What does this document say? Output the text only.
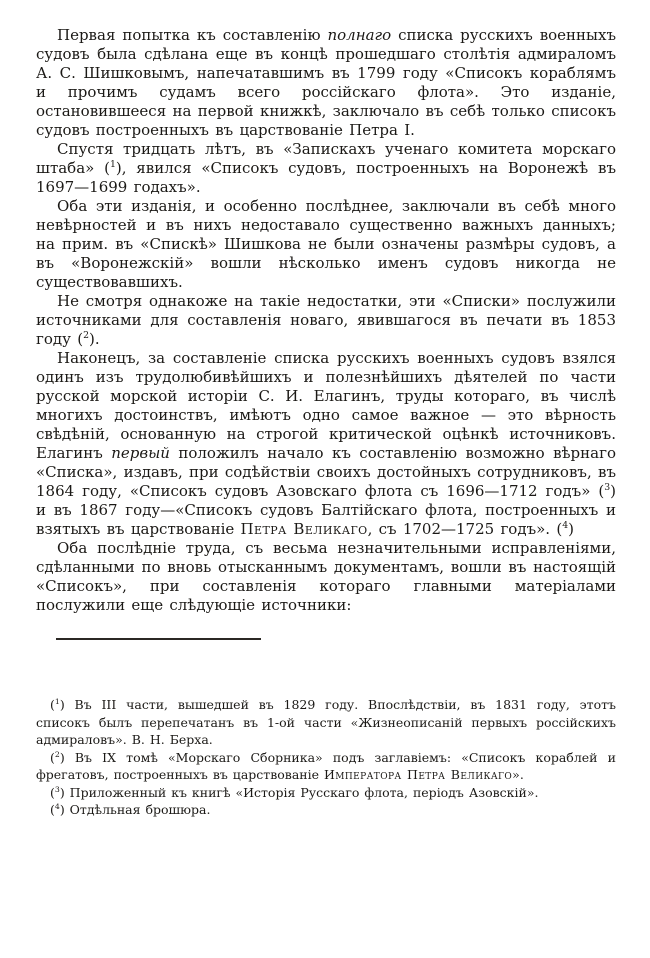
Первая попытка къ составленію полнаго списка русскихъ военныхъ судовъ была сдѣлана еще въ концѣ прошедшаго столѣтія адмираломъ А. С. Шишковымъ, напечатавшимъ въ 1799 году «Списокъ кораблямъ и прочимъ судамъ всего россійскаго флота». Это изданіе, остановившееся на первой книжкѣ, заключало въ себѣ только списокъ судовъ построенныхъ въ царствованіе Петра I.

Спустя тридцать лѣтъ, въ «Запискахъ ученаго комитета морскаго штаба» ($^1$), явился «Списокъ судовъ, построенныхъ на Воронежѣ въ 1697—1699 годахъ».

Оба эти изданія, и особенно послѣднее, заключали въ себѣ много невѣрностей и въ нихъ недоставало существенно важныхъ данныхъ; на прим. въ «Спискѣ» Шишкова не были означены размѣры судовъ, а въ «Воронежскій» вошли нѣсколько именъ судовъ никогда не существовавшихъ.

Не смотря однакоже на такіе недостатки, эти «Списки» послужили источниками для составленія новаго, явившагося въ печати въ 1853 году ($^2$).

Наконецъ, за составленіе списка русскихъ военныхъ судовъ взялся одинъ изъ трудолюбивѣйшихъ и полезнѣйшихъ дѣятелей по части русской морской исторіи С. И. Елагинъ, труды котораго, въ числѣ многихъ достоинствъ, имѣютъ одно самое важное — это вѣрность свѣдѣній, основанную на строгой критической оцѣнкѣ источниковъ. Елагинъ первый положилъ начало къ составленію возможно вѣрнаго «Списка», издавъ, при содѣйствіи своихъ достойныхъ сотрудниковъ, въ 1864 году, «Списокъ судовъ Азовскаго флота съ 1696—1712 годъ» ($^3$) и въ 1867 году—«Списокъ судовъ Балтійскаго флота, построенныхъ и взятыхъ въ царствованіе Петра Великаго, съ 1702—1725 годъ». ($^4$)

Оба послѣдніе труда, съ весьма незначительными исправленіями, сдѣланными по вновь отысканнымъ документамъ, вошли въ настоящій «Списокъ», при составленія котораго главными матеріалами послужили еще слѣдующіе источники:

($^1$) Въ III части, вышедшей въ 1829 году. Впослѣдствіи, въ 1831 году, этотъ списокъ былъ перепечатанъ въ 1-ой части «Жизнеописаній первыхъ россійскихъ адмираловъ». В. Н. Берха.

($^2$) Въ IX томѣ «Морскаго Сборника» подъ заглавіемъ: «Списокъ кораблей и фрегатовъ, построенныхъ въ царствованіе Императора Петра Великаго».

($^3$) Приложенный къ книгѣ «Исторія Русскаго флота, періодъ Азовскій».

($^4$) Отдѣльная брошюра.
